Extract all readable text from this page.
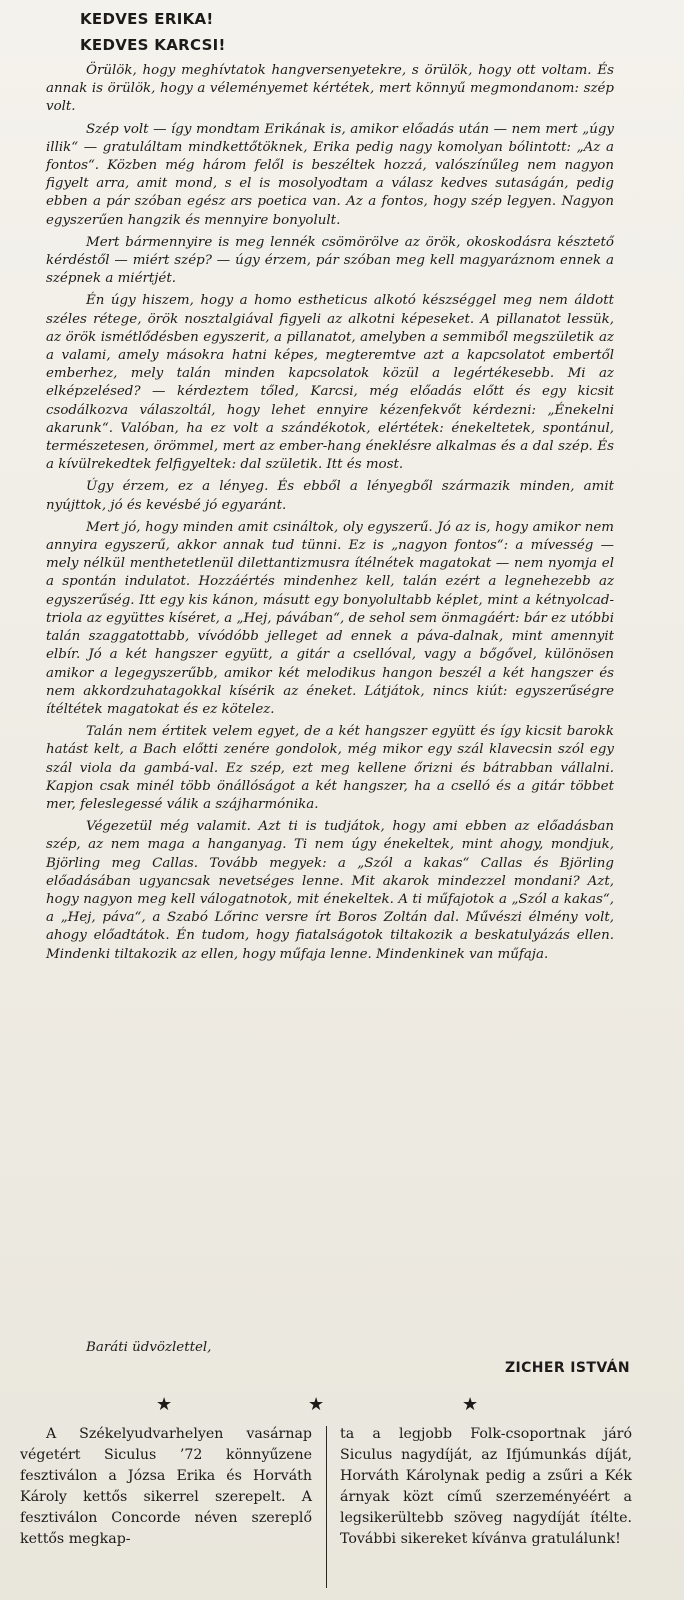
KEDVES ERIKA!

KEDVES KARCSI!

Örülök, hogy meghívtatok hangversenyetekre, s örülök, hogy ott voltam. És annak is örülök, hogy a véleményemet kértétek, mert könnyű megmondanom: szép volt.

Szép volt — így mondtam Erikának is, amikor előadás után — nem mert „úgy illik“ — gratuláltam mindkettőtöknek, Erika pedig nagy komolyan bólintott: „Az a fontos“. Közben még három felől is beszéltek hozzá, valószínűleg nem nagyon figyelt arra, amit mond, s el is mosolyodtam a válasz kedves sutaságán, pedig ebben a pár szóban egész ars poetica van. Az a fontos, hogy szép legyen. Nagyon egyszerűen hangzik és mennyire bonyolult.

Mert bármennyire is meg lennék csömörölve az örök, okoskodásra késztető kérdéstől — miért szép? — úgy érzem, pár szóban meg kell magyaráznom ennek a szépnek a miértjét.

Én úgy hiszem, hogy a homo estheticus alkotó készséggel meg nem áldott széles rétege, örök nosztalgiával figyeli az alkotni képeseket. A pillanatot lessük, az örök ismétlődésben egyszerit, a pillanatot, amelyben a semmiből megszületik az a valami, amely másokra hatni képes, megteremtve azt a kapcsolatot embertől emberhez, mely talán minden kapcsolatok közül a legértékesebb. Mi az elképzelésed? — kérdeztem tőled, Karcsi, még előadás előtt és egy kicsit csodálkozva válaszoltál, hogy lehet ennyire kézenfekvőt kérdezni: „Énekelni akarunk“. Valóban, ha ez volt a szándékotok, elértétek: énekeltetek, spontánul, természetesen, örömmel, mert az ember-hang éneklésre alkalmas és a dal szép. És a kívülrekedtek felfigyeltek: dal születik. Itt és most.

Úgy érzem, ez a lényeg. És ebből a lényegből származik minden, amit nyújttok, jó és kevésbé jó egyaránt.

Mert jó, hogy minden amit csináltok, oly egyszerű. Jó az is, hogy amikor nem annyira egyszerű, akkor annak tud tünni. Ez is „nagyon fontos“: a mívesség — mely nélkül menthetetlenül dilettantizmusra ítélnétek magatokat — nem nyomja el a spontán indulatot. Hozzáértés mindenhez kell, talán ezért a legnehezebb az egyszerűség. Itt egy kis kánon, másutt egy bonyolultabb képlet, mint a kétnyolcad-triola az együttes kíséret, a „Hej, pávában“, de sehol sem önmagáért: bár ez utóbbi talán szaggatottabb, vívódóbb jelleget ad ennek a páva-dalnak, mint amennyit elbír. Jó a két hangszer együtt, a gitár a csellóval, vagy a bőgővel, különösen amikor a legegyszerűbb, amikor két melodikus hangon beszél a két hangszer és nem akkordzuhatagokkal kísérik az éneket. Látjátok, nincs kiút: egyszerűségre ítéltétek magatokat és ez kötelez.

Talán nem értitek velem egyet, de a két hangszer együtt és így kicsit barokk hatást kelt, a Bach előtti zenére gondolok, még mikor egy szál klavecsin szól egy szál viola da gambá-val. Ez szép, ezt meg kellene őrizni és bátrabban vállalni. Kapjon csak minél több önállóságot a két hangszer, ha a cselló és a gitár többet mer, feleslegessé válik a szájharmónika.

Végezetül még valamit. Azt ti is tudjátok, hogy ami ebben az előadásban szép, az nem maga a hanganyag. Ti nem úgy énekeltek, mint ahogy, mondjuk, Björling meg Callas. Tovább megyek: a „Szól a kakas“ Callas és Björling előadásában ugyancsak nevetséges lenne. Mit akarok mindezzel mondani? Azt, hogy nagyon meg kell válogatnotok, mit énekeltek. A ti műfajotok a „Szól a kakas“, a „Hej, páva“, a Szabó Lőrinc versre írt Boros Zoltán dal. Művészi élmény volt, ahogy előadtátok. Én tudom, hogy fiatalságotok tiltakozik a beskatulyázás ellen. Mindenki tiltakozik az ellen, hogy műfaja lenne. Mindenkinek van műfaja.

Baráti üdvözlettel,
ZICHER ISTVÁN
★	★	★
A Székelyudvarhelyen vasárnap végetért Siculus ’72 könnyűzene fesztiválon a Józsa Erika és Horváth Károly kettős sikerrel szerepelt. A fesztiválon Concorde néven szereplő kettős megkap-
ta a legjobb Folk-csoportnak járó Siculus nagydíját, az Ifjúmunkás díját, Horváth Károlynak pedig a zsűri a Kék árnyak közt című szerzeményéért a legsikerültebb szöveg nagydíját ítélte. További sikereket kívánva gratulálunk!
